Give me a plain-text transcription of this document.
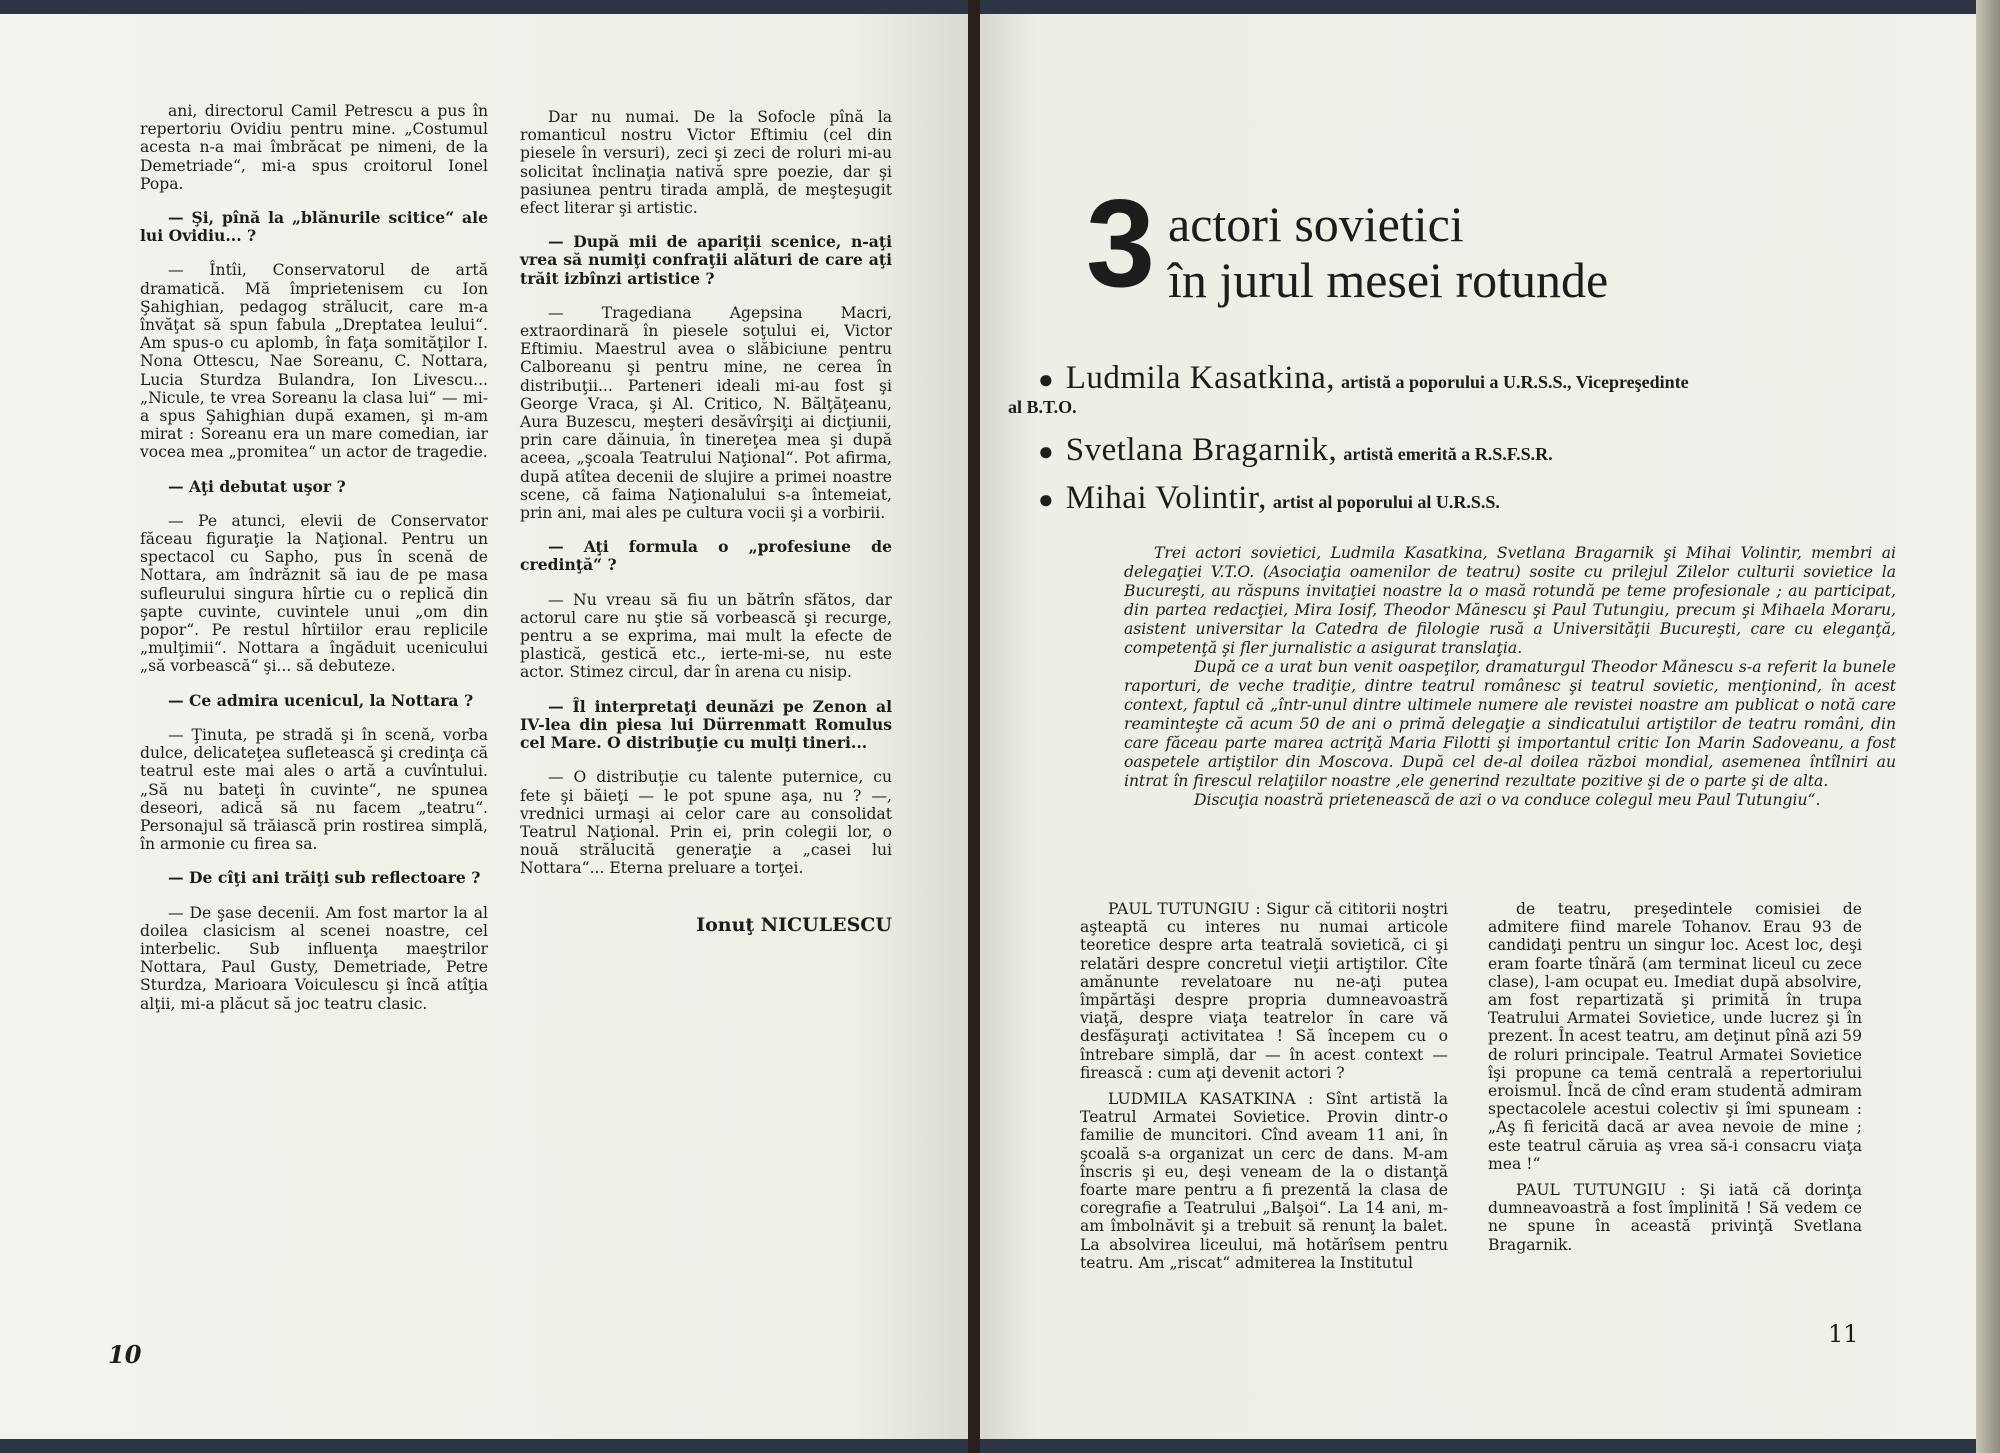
ani, directorul Camil Petrescu a pus în repertoriu Ovidiu pentru mine. „Costumul acesta n-a mai îmbrăcat pe nimeni, de la Demetriade“, mi-a spus croitorul Ionel Popa.

— Şi, pînă la „blănurile scitice“ ale lui Ovidiu... ?

— Întîi, Conservatorul de artă dramatică. Mă împrietenisem cu Ion Şahighian, pedagog strălucit, care m-a învăţat să spun fabula „Dreptatea leului“. Am spus-o cu aplomb, în faţa somităţilor I. Nona Ottescu, Nae Soreanu, C. Nottara, Lucia Sturdza Bulandra, Ion Livescu... „Nicule, te vrea Soreanu la clasa lui“ — mi-a spus Şahighian după examen, şi m-am mirat : Soreanu era un mare comedian, iar vocea mea „promitea“ un actor de tragedie.

— Aţi debutat uşor ?

— Pe atunci, elevii de Conservator făceau figuraţie la Naţional. Pentru un spectacol cu Sapho, pus în scenă de Nottara, am îndrăznit să iau de pe masa sufleurului singura hîrtie cu o replică din şapte cuvinte, cuvintele unui „om din popor“. Pe restul hîrtiilor erau replicile „mulţimii“. Nottara a îngăduit ucenicului „să vorbească“ şi... să debuteze.

— Ce admira ucenicul, la Nottara ?

— Ţinuta, pe stradă şi în scenă, vorba dulce, delicateţea sufletească şi credinţa că teatrul este mai ales o artă a cuvîntului. „Să nu bateţi în cuvinte“, ne spunea deseori, adică să nu facem „teatru“. Personajul să trăiască prin rostirea simplă, în armonie cu firea sa.

— De cîţi ani trăiţi sub reflectoare ?

— De şase decenii. Am fost martor la al doilea clasicism al scenei noastre, cel interbelic. Sub influenţa maeştrilor Nottara, Paul Gusty, Demetriade, Petre Sturdza, Marioara Voiculescu şi încă atîţia alţii, mi-a plăcut să joc teatru clasic.

Dar nu numai. De la Sofocle pînă la romanticul nostru Victor Eftimiu (cel din piesele în versuri), zeci şi zeci de roluri mi-au solicitat înclinaţia nativă spre poezie, dar şi pasiunea pentru tirada amplă, de meşteşugit efect literar şi artistic.

— După mii de apariţii scenice, n-aţi vrea să numiţi confraţii alături de care aţi trăit izbînzi artistice ?

— Tragediana Agepsina Macri, extraordinară în piesele soţului ei, Victor Eftimiu. Maestrul avea o slăbiciune pentru Calboreanu şi pentru mine, ne cerea în distribuţii... Parteneri ideali mi-au fost şi George Vraca, şi Al. Critico, N. Bălţăţeanu, Aura Buzescu, meşteri desăvîrşiţi ai dicţiunii, prin care dăinuia, în tinereţea mea şi după aceea, „şcoala Teatrului Naţional“. Pot afirma, după atîtea decenii de slujire a primei noastre scene, că faima Naţionalului s-a întemeiat, prin ani, mai ales pe cultura vocii şi a vorbirii.

— Aţi formula o „profesiune de credinţă“ ?

— Nu vreau să fiu un bătrîn sfătos, dar actorul care nu ştie să vorbească şi recurge, pentru a se exprima, mai mult la efecte de plastică, gestică etc., ierte-mi-se, nu este actor. Stimez circul, dar în arena cu nisip.

— Îl interpretaţi deunăzi pe Zenon al IV-lea din piesa lui Dürrenmatt Romulus cel Mare. O distribuţie cu mulţi tineri...

— O distribuţie cu talente puternice, cu fete şi băieţi — le pot spune aşa, nu ? —, vrednici urmaşi ai celor care au consolidat Teatrul Naţional. Prin ei, prin colegii lor, o nouă strălucită generaţie a „casei lui Nottara“... Eterna preluare a torţei.

Ionuţ NICULESCU
10
3 actori sovietici
în jurul mesei rotunde
● Ludmila Kasatkina, artistă a poporului a U.R.S.S., Vicepreşedinte
al B.T.O.
● Svetlana Bragarnik, artistă emerită a R.S.F.S.R.
● Mihai Volintir, artist al poporului al U.R.S.S.

Trei actori sovietici, Ludmila Kasatkina, Svetlana Bragarnik şi Mihai Volintir, membri ai delegaţiei V.T.O. (Asociaţia oamenilor de teatru) sosite cu prilejul Zilelor culturii sovietice la Bucureşti, au răspuns invitaţiei noastre la o masă rotundă pe teme profesionale ; au participat, din partea redacţiei, Mira Iosif, Theodor Mănescu şi Paul Tutungiu, precum şi Mihaela Moraru, asistent universitar la Catedra de filologie rusă a Universităţii Bucureşti, care cu eleganţă, competenţă şi fler jurnalistic a asigurat translaţia.

După ce a urat bun venit oaspeţilor, dramaturgul Theodor Mănescu s-a referit la bunele raporturi, de veche tradiţie, dintre teatrul românesc şi teatrul sovietic, menţionind, în acest context, faptul că „într-unul dintre ultimele numere ale revistei noastre am publicat o notă care reaminteşte că acum 50 de ani o primă delegaţie a sindicatului artiştilor de teatru români, din care făceau parte marea actriţă Maria Filotti şi importantul critic Ion Marin Sadoveanu, a fost oaspetele artiştilor din Moscova. După cel de-al doilea război mondial, asemenea întîlniri au intrat în firescul relaţiilor noastre ,ele generind rezultate pozitive şi de o parte şi de alta.

Discuţia noastră prietenească de azi o va conduce colegul meu Paul Tutungiu“.

PAUL TUTUNGIU : Sigur că cititorii noştri aşteaptă cu interes nu numai articole teoretice despre arta teatrală sovietică, ci şi relatări despre concretul vieţii artiştilor. Cîte amănunte revelatoare nu ne-aţi putea împărtăşi despre propria dumneavoastră viaţă, despre viaţa teatrelor în care vă desfăşuraţi activitatea ! Să începem cu o întrebare simplă, dar — în acest context — firească : cum aţi devenit actori ?

LUDMILA KASATKINA : Sînt artistă la Teatrul Armatei Sovietice. Provin dintr-o familie de muncitori. Cînd aveam 11 ani, în şcoală s-a organizat un cerc de dans. M-am înscris şi eu, deşi veneam de la o distanţă foarte mare pentru a fi prezentă la clasa de coregrafie a Teatrului „Balşoi“. La 14 ani, m-am îmbolnăvit şi a trebuit să renunţ la balet. La absolvirea liceului, mă hotărîsem pentru teatru. Am „riscat“ admiterea la Institutul

de teatru, preşedintele comisiei de admitere fiind marele Tohanov. Erau 93 de candidaţi pentru un singur loc. Acest loc, deşi eram foarte tînără (am terminat liceul cu zece clase), l-am ocupat eu. Imediat după absolvire, am fost repartizată şi primită în trupa Teatrului Armatei Sovietice, unde lucrez şi în prezent. În acest teatru, am deţinut pînă azi 59 de roluri principale. Teatrul Armatei Sovietice îşi propune ca temă centrală a repertoriului eroismul. Încă de cînd eram studentă admiram spectacolele acestui colectiv şi îmi spuneam : „Aş fi fericită dacă ar avea nevoie de mine ; este teatrul căruia aş vrea să-i consacru viaţa mea !“

PAUL TUTUNGIU : Şi iată că dorinţa dumneavoastră a fost împlinită ! Să vedem ce ne spune în această privinţă Svetlana Bragarnik.

11
